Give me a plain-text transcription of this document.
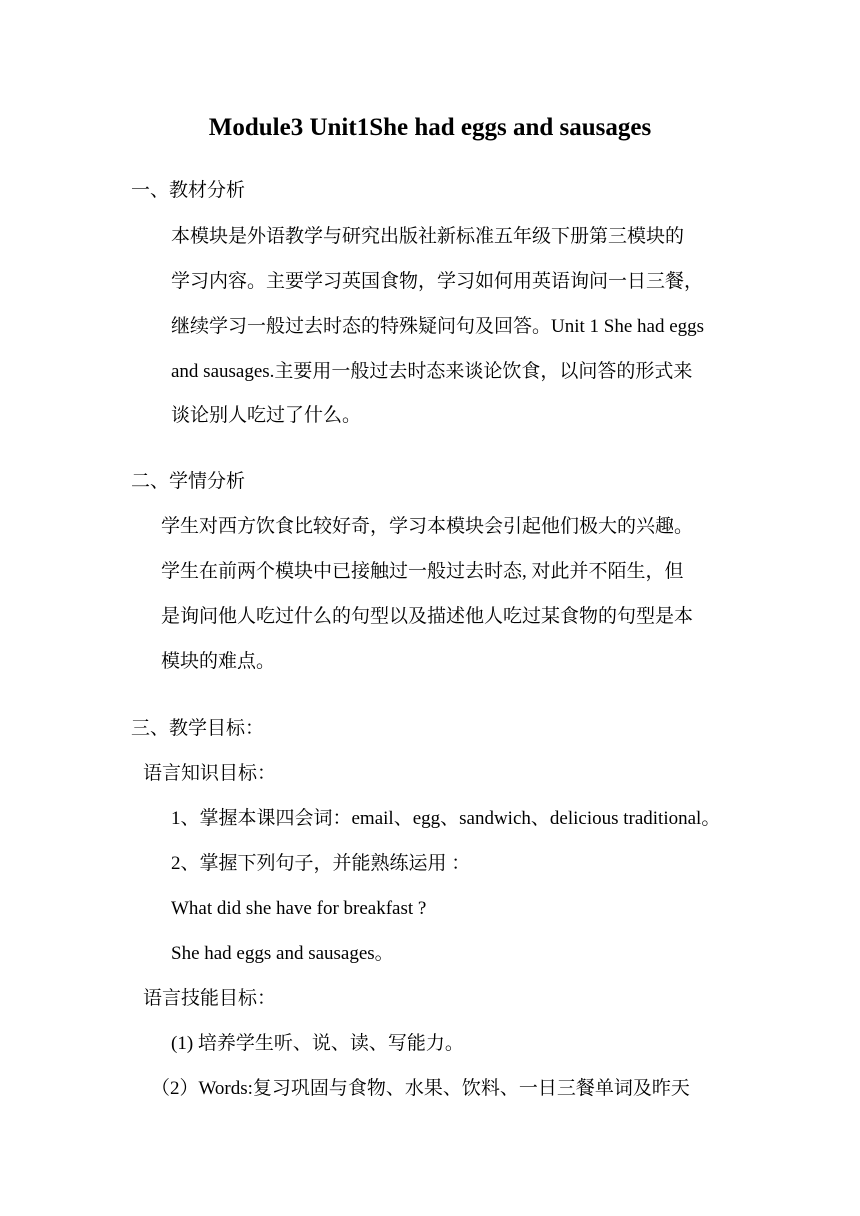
Module3 Unit1She had eggs and sausages
一、教材分析
本模块是外语教学与研究出版社新标准五年级下册第三模块的
学习内容。主要学习英国食物，学习如何用英语询问一日三餐，
继续学习一般过去时态的特殊疑问句及回答。Unit 1 She had eggs
and sausages.主要用一般过去时态来谈论饮食，以问答的形式来
谈论别人吃过了什么。
二、学情分析
学生对西方饮食比较好奇，学习本模块会引起他们极大的兴趣。
学生在前两个模块中已接触过一般过去时态, 对此并不陌生，但
是询问他人吃过什么的句型以及描述他人吃过某食物的句型是本
模块的难点。
三、教学目标：
语言知识目标：
1、掌握本课四会词：email、egg、sandwich、delicious traditional。
2、掌握下列句子，并能熟练运用 ：
What did she have for breakfast ?
She had eggs and sausages。
语言技能目标：
(1) 培养学生听、说、读、写能力。
（2）Words:复习巩固与食物、水果、饮料、一日三餐单词及昨天
